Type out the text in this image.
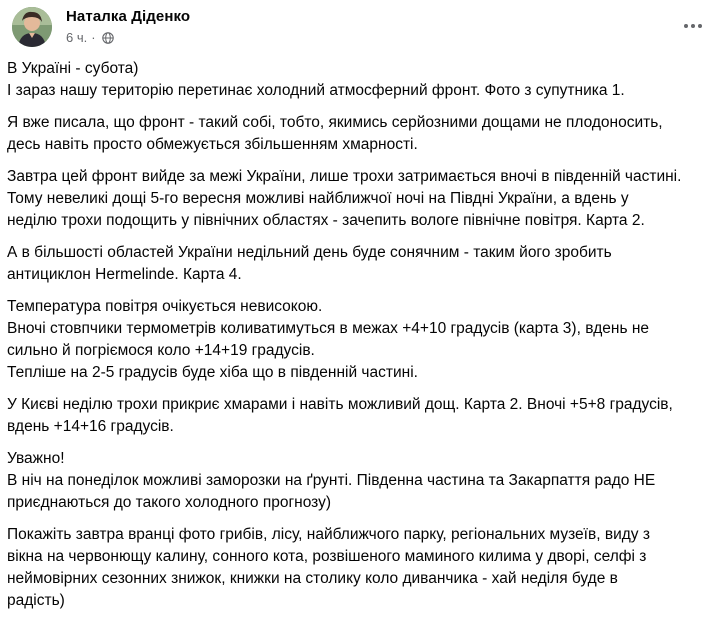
Наталка Діденко
6 ч. ·
В Україні - субота)
І зараз нашу територію перетинає холодний атмосферний фронт. Фото з супутника 1.
Я вже писала, що фронт - такий собі, тобто, якимись серйозними дощами не плодоносить,
десь навіть просто обмежується збільшенням хмарності.
Завтра цей фронт вийде за межі України, лише трохи затримається вночі в південній частині.
Тому невеликі дощі 5-го вересня можливі найближчої ночі на Півдні України, а вдень у
неділю трохи подощить у північних областях - зачепить вологе північне повітря. Карта 2.
А в більшості областей України недільний день буде сонячним - таким його зробить
антициклон Hermelinde. Карта 4.
Температура повітря очікується невисокою.
Вночі стовпчики термометрів коливатимуться в межах +4+10 градусів (карта 3), вдень не
сильно й погріємося коло +14+19 градусів.
Тепліше на 2-5 градусів буде хіба що в південній частині.
У Києві неділю трохи прикриє хмарами і навіть можливий дощ. Карта 2. Вночі +5+8 градусів,
вдень +14+16 градусів.
Уважно!
В ніч на понеділок можливі заморозки на ґрунті. Південна частина та Закарпаття радо НЕ
приєднаються до такого холодного прогнозу)
Покажіть завтра вранці фото грибів, лісу, найближчого парку, регіональних музеїв, виду з
вікна на червонющу калину, сонного кота, розвішеного маминого килима у дворі, селфі з
неймовірних сезонних знижок, книжки на столику коло диванчика - хай неділя буде в
радість)
